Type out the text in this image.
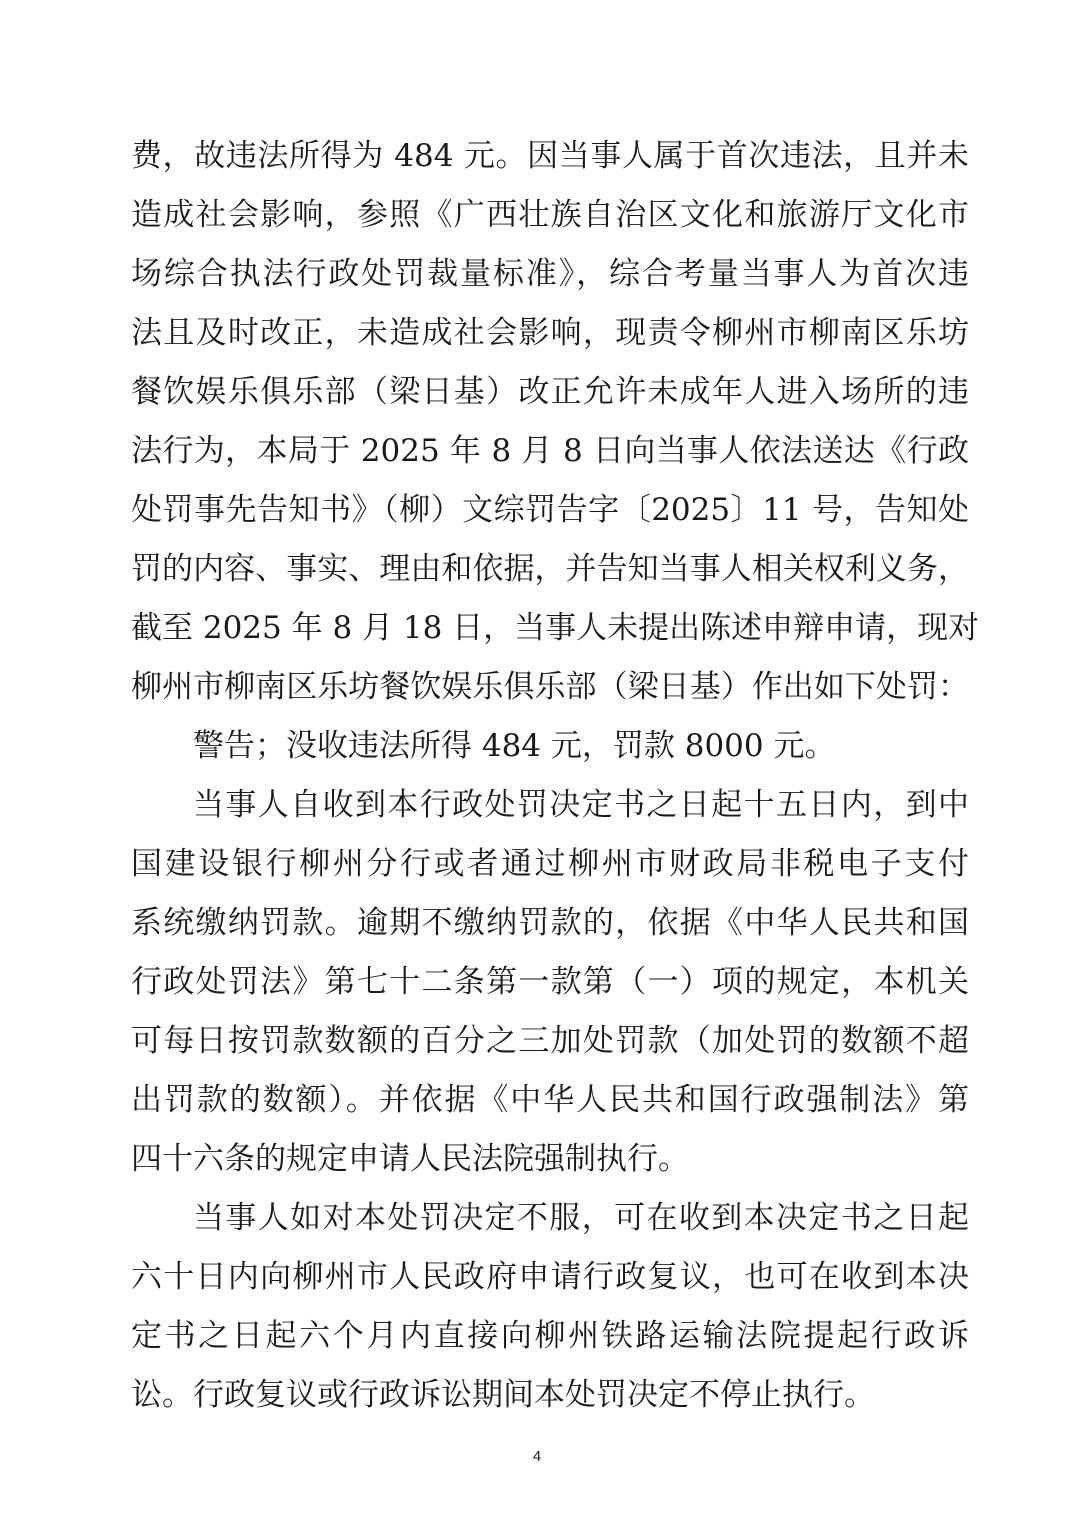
费，故违法所得为 484 元。因当事人属于首次违法，且并未
造成社会影响，参照《广西壮族自治区文化和旅游厅文化市
场综合执法行政处罚裁量标准》，综合考量当事人为首次违
法且及时改正，未造成社会影响，现责令柳州市柳南区乐坊
餐饮娱乐俱乐部（梁日基）改正允许未成年人进入场所的违
法行为，本局于 2025 年 8 月 8 日向当事人依法送达《行政
处罚事先告知书》（柳）文综罚告字〔2025〕11 号，告知处
罚的内容、事实、理由和依据，并告知当事人相关权利义务，
截至 2025 年 8 月 18 日，当事人未提出陈述申辩申请，现对
柳州市柳南区乐坊餐饮娱乐俱乐部（梁日基）作出如下处罚：
警告；没收违法所得 484 元，罚款 8000 元。
当事人自收到本行政处罚决定书之日起十五日内，到中
国建设银行柳州分行或者通过柳州市财政局非税电子支付
系统缴纳罚款。逾期不缴纳罚款的，依据《中华人民共和国
行政处罚法》第七十二条第一款第（一）项的规定，本机关
可每日按罚款数额的百分之三加处罚款（加处罚的数额不超
出罚款的数额）。并依据《中华人民共和国行政强制法》第
四十六条的规定申请人民法院强制执行。
当事人如对本处罚决定不服，可在收到本决定书之日起
六十日内向柳州市人民政府申请行政复议，也可在收到本决
定书之日起六个月内直接向柳州铁路运输法院提起行政诉
讼。行政复议或行政诉讼期间本处罚决定不停止执行。
4
